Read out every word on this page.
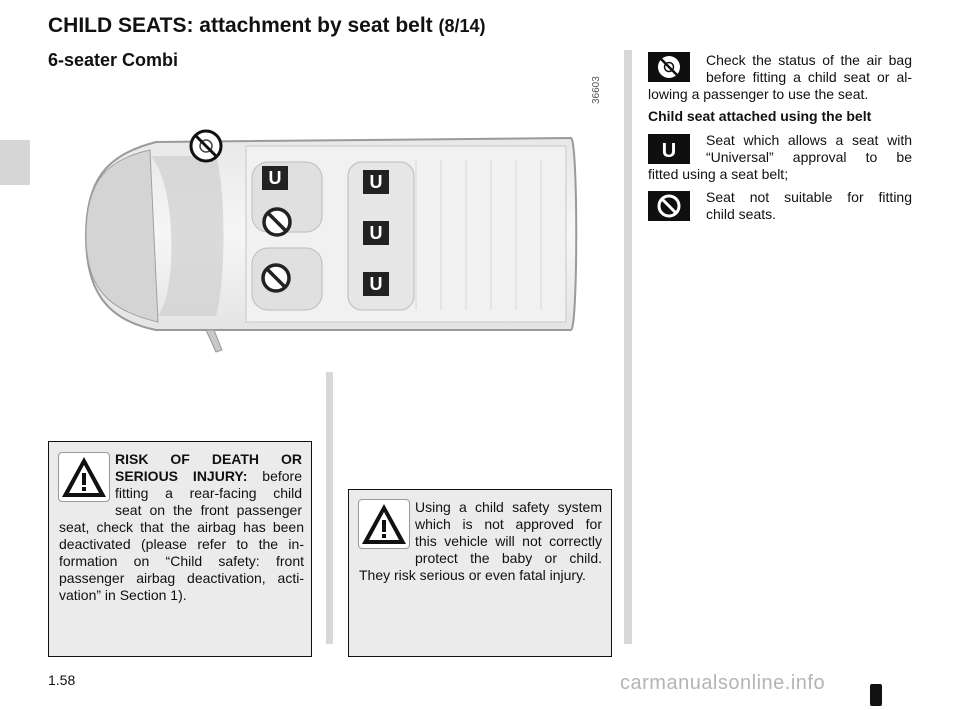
CHILD SEATS: attachment by seat belt (8/14)
6-seater Combi
36603
U	U
U
U
Check the status of the air bag
before fitting a child seat or al-
lowing a passenger to use the seat.
Child seat attached using the belt
U Seat which allows a seat with
“Universal” approval to be
fitted using a seat belt;
Seat not suitable for fitting
child seats.
RISK OF DEATH OR
SERIOUS INJURY: before
fitting a rear-facing child
seat on the front passenger
seat, check that the airbag has been
deactivated (please refer to the in-
formation on “Child safety: front
passenger airbag deactivation, acti-
vation” in Section 1).
Using a child safety system
which is not approved for
this vehicle will not correctly
protect the baby or child.
They risk serious or even fatal injury.
1.58	carmanualsonline.info
